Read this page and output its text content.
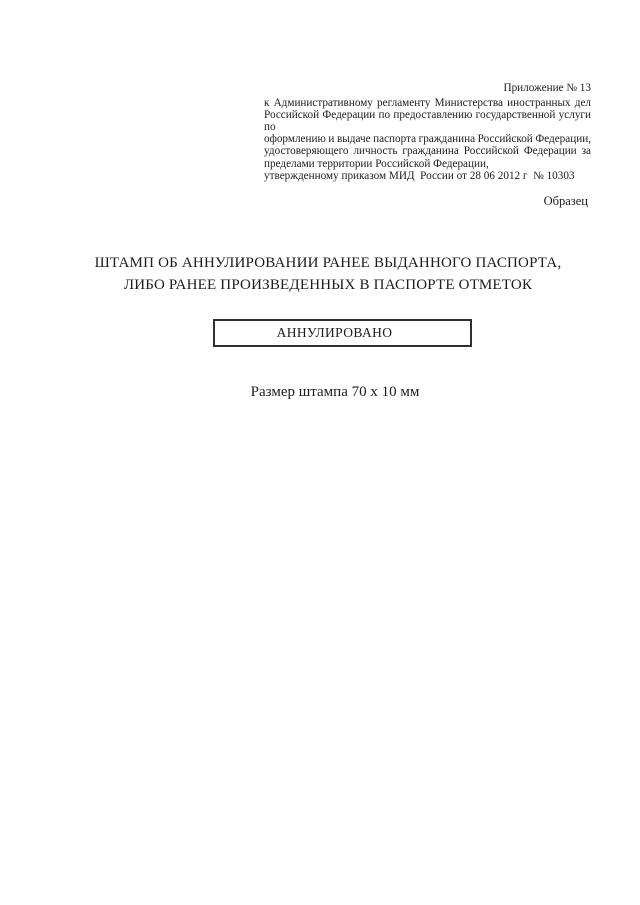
Приложение № 13
к Административному регламенту Министерства иностранных дел
Российской Федерации по предоставлению государственной услуги по
оформлению и выдаче паспорта гражданина Российской Федерации,
удостоверяющего личность гражданина Российской Федерации за
пределами территории Российской Федерации,
утвержденному приказом МИД  России от 28 06 2012 г  № 10303
Образец
ШТАМП ОБ АННУЛИРОВАНИИ РАНЕЕ ВЫДАННОГО ПАСПОРТА,
ЛИБО РАНЕЕ ПРОИЗВЕДЕННЫХ В ПАСПОРТЕ ОТМЕТОК
АННУЛИРОВАНО
Размер штампа 70 х 10 мм
